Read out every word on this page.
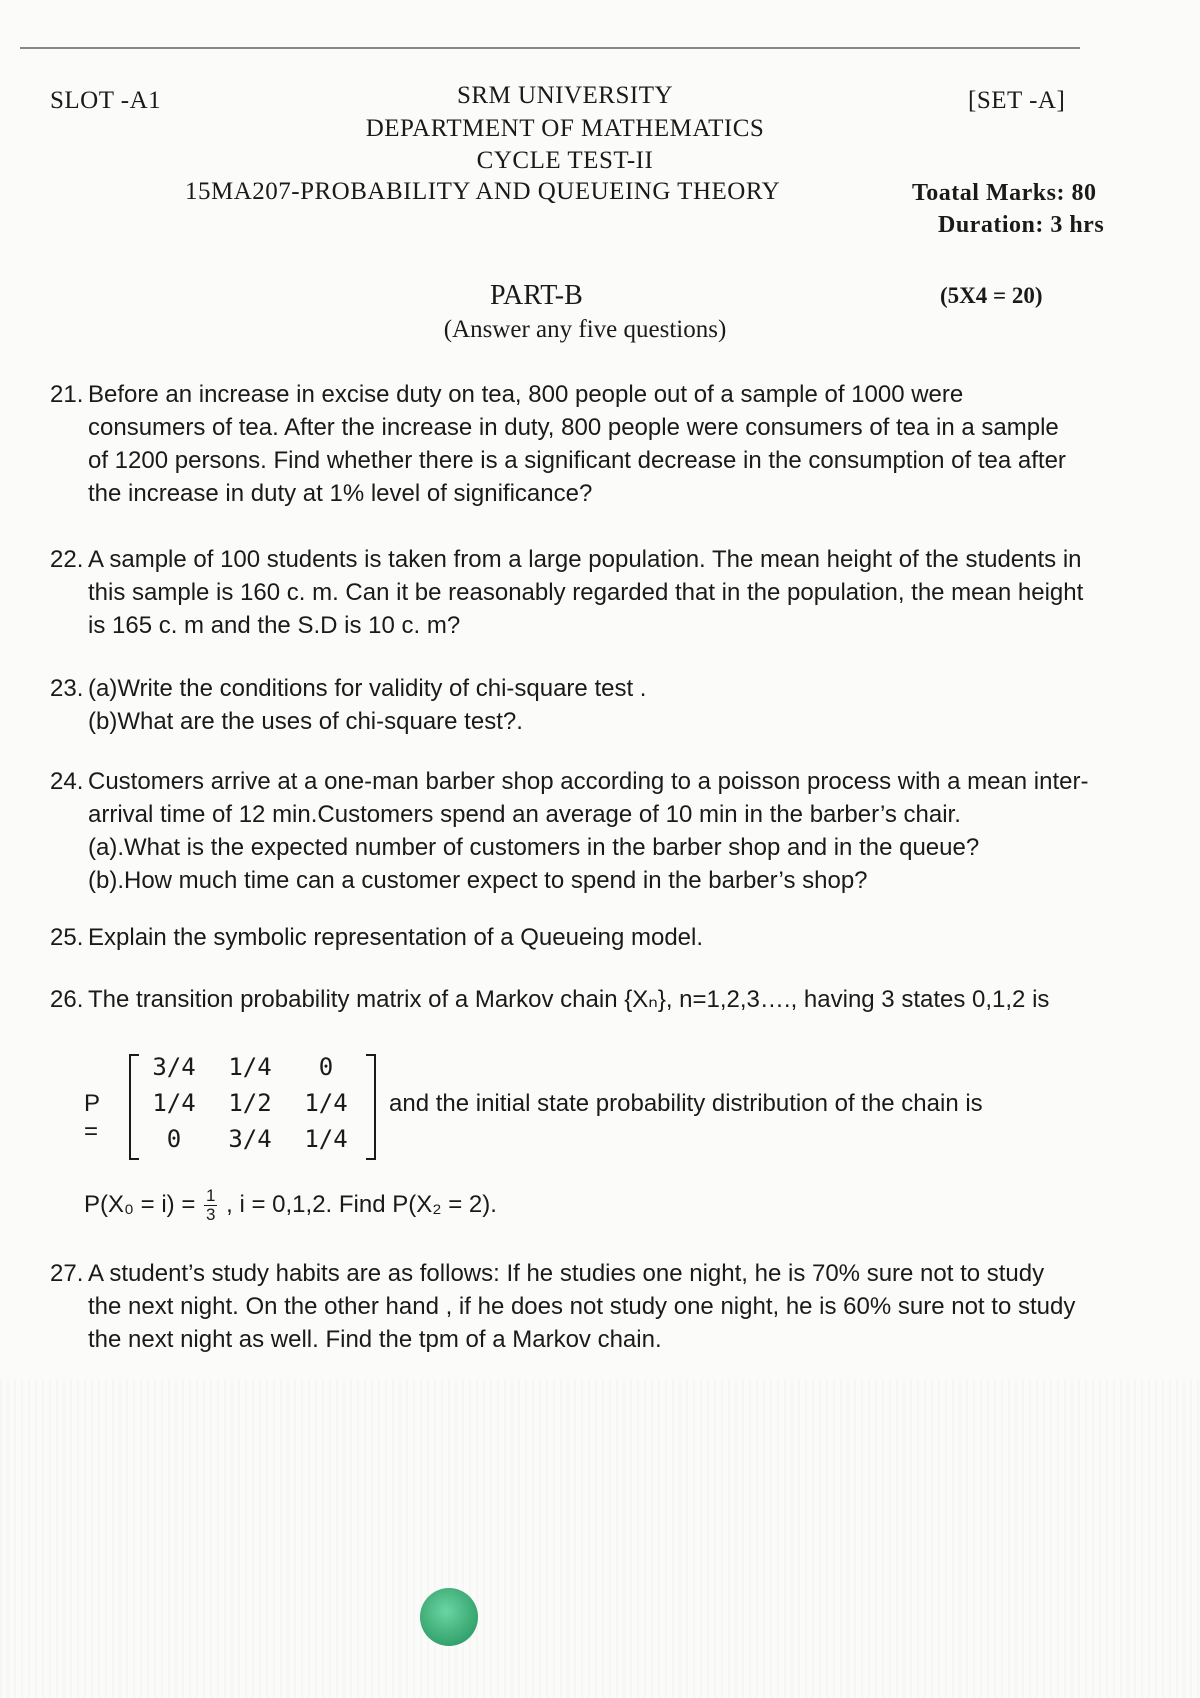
SLOT -A1	SRM UNIVERSITY	[SET -A]
DEPARTMENT OF MATHEMATICS
CYCLE TEST-II
15MA207-PROBABILITY AND QUEUEING THEORY	Toatal Marks: 80
Duration: 3 hrs
PART-B	(5X4 = 20)
(Answer any five questions)
21. Before an increase in excise duty on tea, 800 people out of a sample of 1000 were
consumers of tea. After the increase in duty, 800 people were consumers of tea in a sample
of 1200 persons. Find whether there is a significant decrease in the consumption of tea after
the increase in duty at 1% level of significance?
22. A sample of 100 students is taken from a large population. The mean height of the students in
this sample is 160 c. m. Can it be reasonably regarded that in the population, the mean height
is 165 c. m and the S.D is 10 c. m?
23. (a)Write the conditions for validity of chi-square test .
(b)What are the uses of chi-square test?.
24. Customers arrive at a one-man barber shop according to a poisson process with a mean inter-
arrival time of 12 min.Customers spend an average of 10 min in the barber’s chair.
(a).What is the expected number of customers in the barber shop and in the queue?
(b).How much time can a customer expect to spend in the barber’s shop?
25. Explain the symbolic representation of a Queueing model.
26. The transition probability matrix of a Markov chain {Xₙ}, n=1,2,3…., having 3 states 0,1,2 is
P =
3/4	1/4	0
1/4	1/2	1/4
0	3/4	1/4
and the initial state probability distribution of the chain is
$P(X_0 = i) = \frac{1}{3}$ , i = 0,1,2. Find P(X₂ = 2).
27. A student’s study habits are as follows: If he studies one night, he is 70% sure not to study
the next night. On the other hand , if he does not study one night, he is 60% sure not to study
the next night as well. Find the tpm of a Markov chain.
